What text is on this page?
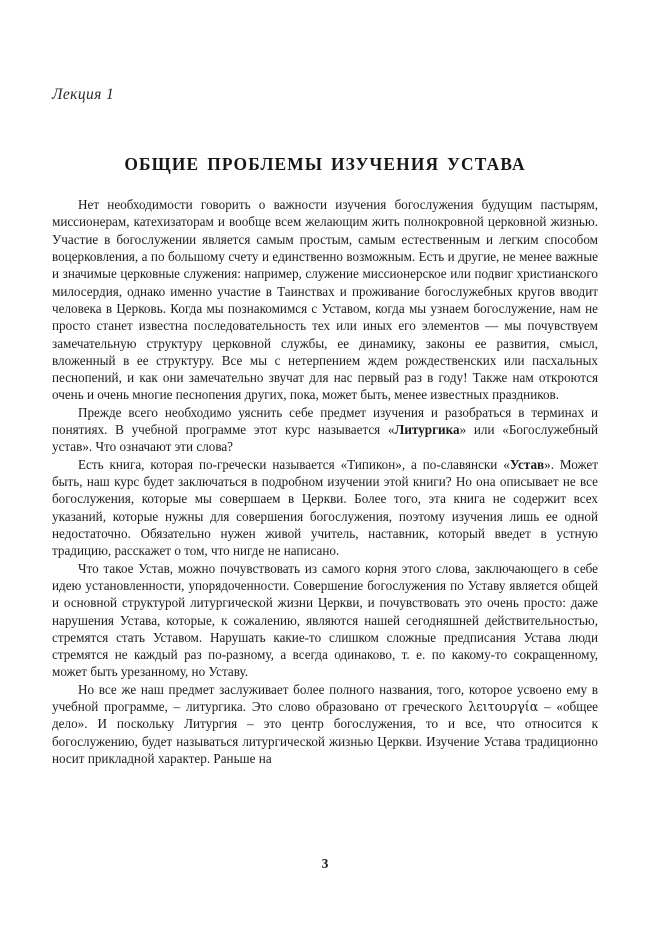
Лекция 1
ОБЩИЕ ПРОБЛЕМЫ ИЗУЧЕНИЯ УСТАВА

Нет необходимости говорить о важности изучения богослужения будущим пастырям, миссионерам, катехизаторам и вообще всем желающим жить полнокровной церковной жизнью. Участие в богослужении является самым простым, самым естественным и легким способом воцерковления, а по большому счету и единственно возможным. Есть и другие, не менее важные и значимые церковные служения: например, служение миссионерское или подвиг христианского милосердия, однако именно участие в Таинствах и проживание богослужебных кругов вводит человека в Церковь. Когда мы познакомимся с Уставом, когда мы узнаем богослужение, нам не просто станет известна последовательность тех или иных его элементов — мы почувствуем замечательную структуру церковной службы, ее динамику, законы ее развития, смысл, вложенный в ее структуру. Все мы с нетерпением ждем рождественских или пасхальных песнопений, и как они замечательно звучат для нас первый раз в году! Также нам откроются очень и очень многие песнопения других, пока, может быть, менее известных праздников.

Прежде всего необходимо уяснить себе предмет изучения и разобраться в терминах и понятиях. В учебной программе этот курс называется «Литургика» или «Богослужебный устав». Что означают эти слова?

Есть книга, которая по-гречески называется «Типикон», а по-славянски «Устав». Может быть, наш курс будет заключаться в подробном изучении этой книги? Но она описывает не все богослужения, которые мы совершаем в Церкви. Более того, эта книга не содержит всех указаний, которые нужны для совершения богослужения, поэтому изучения лишь ее одной недостаточно. Обязательно нужен живой учитель, наставник, который введет в устную традицию, расскажет о том, что нигде не написано.

Что такое Устав, можно почувствовать из самого корня этого слова, заключающего в себе идею установленности, упорядоченности. Совершение богослужения по Уставу является общей и основной структурой литургической жизни Церкви, и почувствовать это очень просто: даже нарушения Устава, которые, к сожалению, являются нашей сегодняшней действительностью, стремятся стать Уставом. Нарушать какие-то слишком сложные предписания Устава люди стремятся не каждый раз по-разному, а всегда одинаково, т. е. по какому-то сокращенному, может быть урезанному, но Уставу.

Но все же наш предмет заслуживает более полного названия, того, которое усвоено ему в учебной программе, – литургика. Это слово образовано от греческого λειτουργία – «общее дело». И поскольку Литургия – это центр богослужения, то и все, что относится к богослужению, будет называться литургической жизнью Церкви. Изучение Устава традиционно носит прикладной характер. Раньше на

3
